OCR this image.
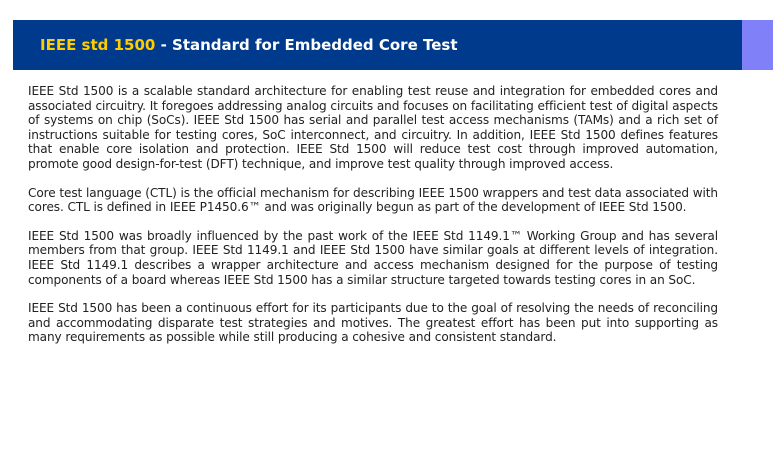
IEEE std 1500 - Standard for Embedded Core Test

IEEE Std 1500 is a scalable standard architecture for enabling test reuse and integration for embedded cores and associated circuitry. It foregoes addressing analog circuits and focuses on facilitating efficient test of digital aspects of systems on chip (SoCs). IEEE Std 1500 has serial and parallel test access mechanisms (TAMs) and a rich set of instructions suitable for testing cores, SoC interconnect, and circuitry. In addition, IEEE Std 1500 defines features that enable core isolation and protection. IEEE Std 1500 will reduce test cost through improved automation, promote good design-for-test (DFT) technique, and improve test quality through improved access.

Core test language (CTL) is the official mechanism for describing IEEE 1500 wrappers and test data associated with cores. CTL is defined in IEEE P1450.6™ and was originally begun as part of the development of IEEE Std 1500.

IEEE Std 1500 was broadly influenced by the past work of the IEEE Std 1149.1™ Working Group and has several members from that group. IEEE Std 1149.1 and IEEE Std 1500 have similar goals at different levels of integration. IEEE Std 1149.1 describes a wrapper architecture and access mechanism designed for the purpose of testing components of a board whereas IEEE Std 1500 has a similar structure targeted towards testing cores in an SoC.

IEEE Std 1500 has been a continuous effort for its participants due to the goal of resolving the needs of reconciling and accommodating disparate test strategies and motives. The greatest effort has been put into supporting as many requirements as possible while still producing a cohesive and consistent standard.
